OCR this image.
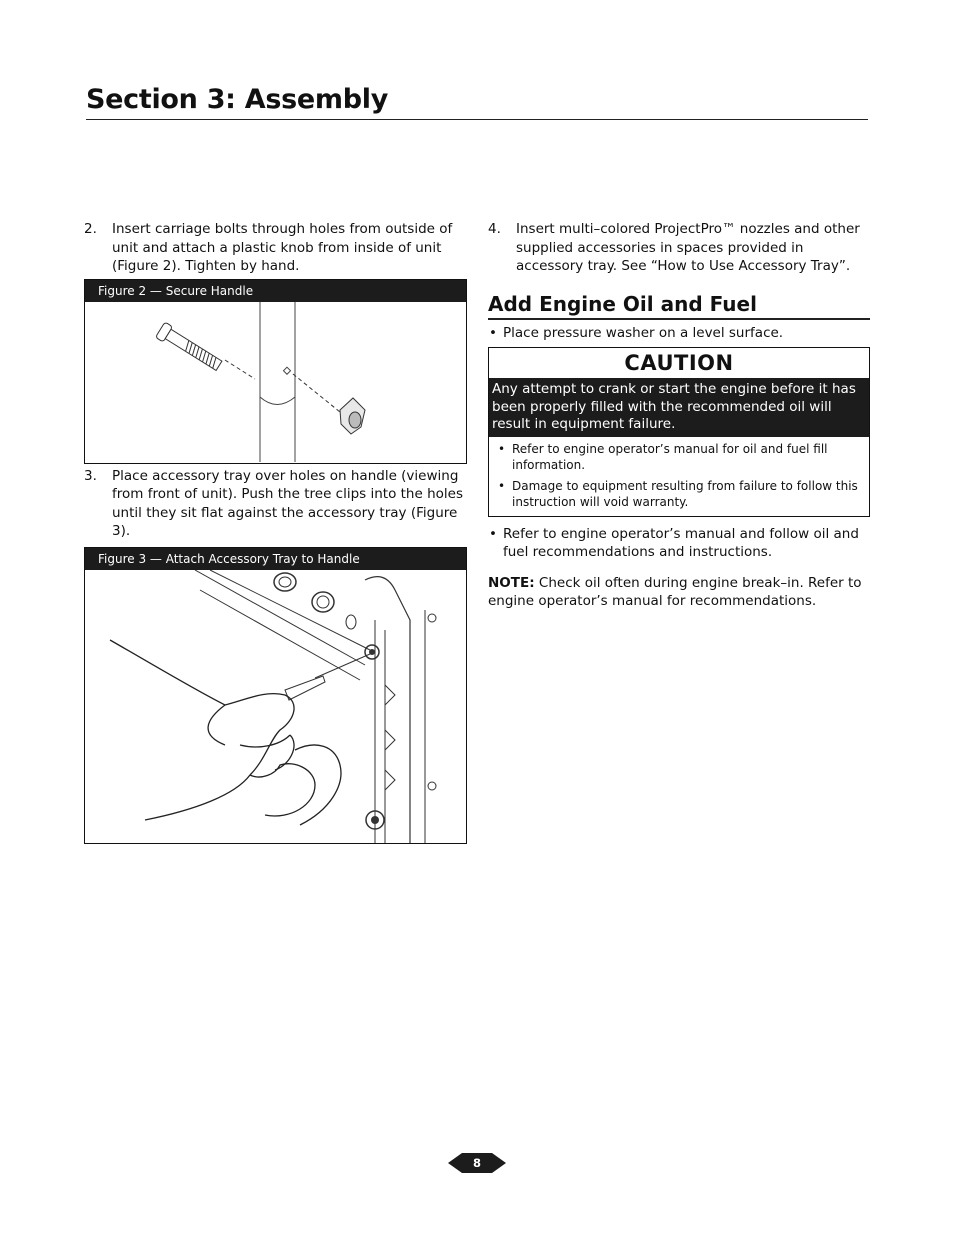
Section 3: Assembly
2.	Insert carriage bolts through holes from outside of unit and attach a plastic knob from inside of unit (Figure 2). Tighten by hand.
Figure 2 — Secure Handle
3.	Place accessory tray over holes on handle (viewing from front of unit). Push the tree clips into the holes until they sit flat against the accessory tray (Figure 3).
Figure 3 — Attach Accessory Tray to Handle
4.	Insert multi–colored ProjectPro™ nozzles and other supplied accessories in spaces provided in accessory tray. See “How to Use Accessory Tray”.
Add Engine Oil and Fuel
• Place pressure washer on a level surface.
CAUTION
Any attempt to crank or start the engine before it has been properly filled with the recommended oil will result in equipment failure.
• Refer to engine operator’s manual for oil and fuel fill information.
• Damage to equipment resulting from failure to follow this instruction will void warranty.
• Refer to engine operator’s manual and follow oil and fuel recommendations and instructions.
NOTE: Check oil often during engine break–in. Refer to engine operator’s manual for recommendations.
8
